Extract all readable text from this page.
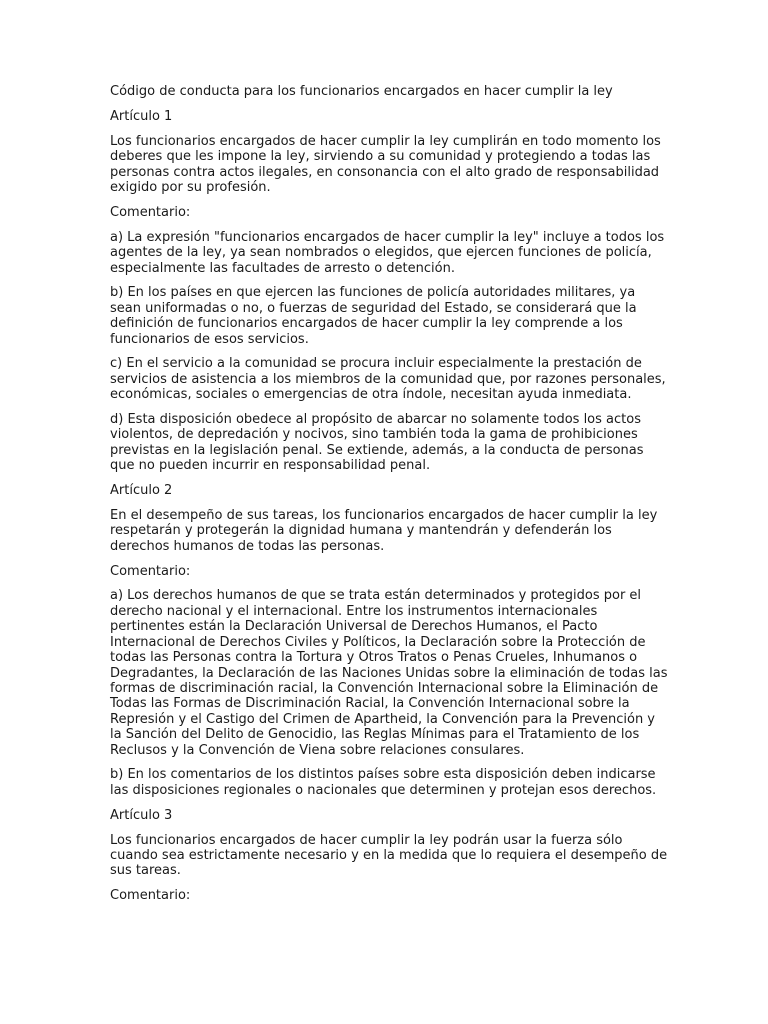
Código de conducta para los funcionarios encargados en hacer cumplir la ley

Artículo 1

Los funcionarios encargados de hacer cumplir la ley cumplirán en todo momento los deberes que les impone la ley, sirviendo a su comunidad y protegiendo a todas las personas contra actos ilegales, en consonancia con el alto grado de responsabilidad exigido por su profesión.

Comentario:

a) La expresión "funcionarios encargados de hacer cumplir la ley" incluye a todos los agentes de la ley, ya sean nombrados o elegidos, que ejercen funciones de policía, especialmente las facultades de arresto o detención.

b) En los países en que ejercen las funciones de policía autoridades militares, ya sean uniformadas o no, o fuerzas de seguridad del Estado, se considerará que la definición de funcionarios encargados de hacer cumplir la ley comprende a los funcionarios de esos servicios.

c) En el servicio a la comunidad se procura incluir especialmente la prestación de servicios de asistencia a los miembros de la comunidad que, por razones personales, económicas, sociales o emergencias de otra índole, necesitan ayuda inmediata.

d) Esta disposición obedece al propósito de abarcar no solamente todos los actos violentos, de depredación y nocivos, sino también toda la gama de prohibiciones previstas en la legislación penal. Se extiende, además, a la conducta de personas que no pueden incurrir en responsabilidad penal.

Artículo 2

En el desempeño de sus tareas, los funcionarios encargados de hacer cumplir la ley respetarán y protegerán la dignidad humana y mantendrán y defenderán los derechos humanos de todas las personas.

Comentario:

a) Los derechos humanos de que se trata están determinados y protegidos por el derecho nacional y el internacional. Entre los instrumentos internacionales pertinentes están la Declaración Universal de Derechos Humanos, el Pacto Internacional de Derechos Civiles y Políticos, la Declaración sobre la Protección de todas las Personas contra la Tortura y Otros Tratos o Penas Crueles, Inhumanos o Degradantes, la Declaración de las Naciones Unidas sobre la eliminación de todas las formas de discriminación racial, la Convención Internacional sobre la Eliminación de Todas las Formas de Discriminación Racial, la Convención Internacional sobre la Represión y el Castigo del Crimen de Apartheid, la Convención para la Prevención y la Sanción del Delito de Genocidio, las Reglas Mínimas para el Tratamiento de los Reclusos y la Convención de Viena sobre relaciones consulares.

b) En los comentarios de los distintos países sobre esta disposición deben indicarse las disposiciones regionales o nacionales que determinen y protejan esos derechos.

Artículo 3

Los funcionarios encargados de hacer cumplir la ley podrán usar la fuerza sólo cuando sea estrictamente necesario y en la medida que lo requiera el desempeño de sus tareas.

Comentario:
